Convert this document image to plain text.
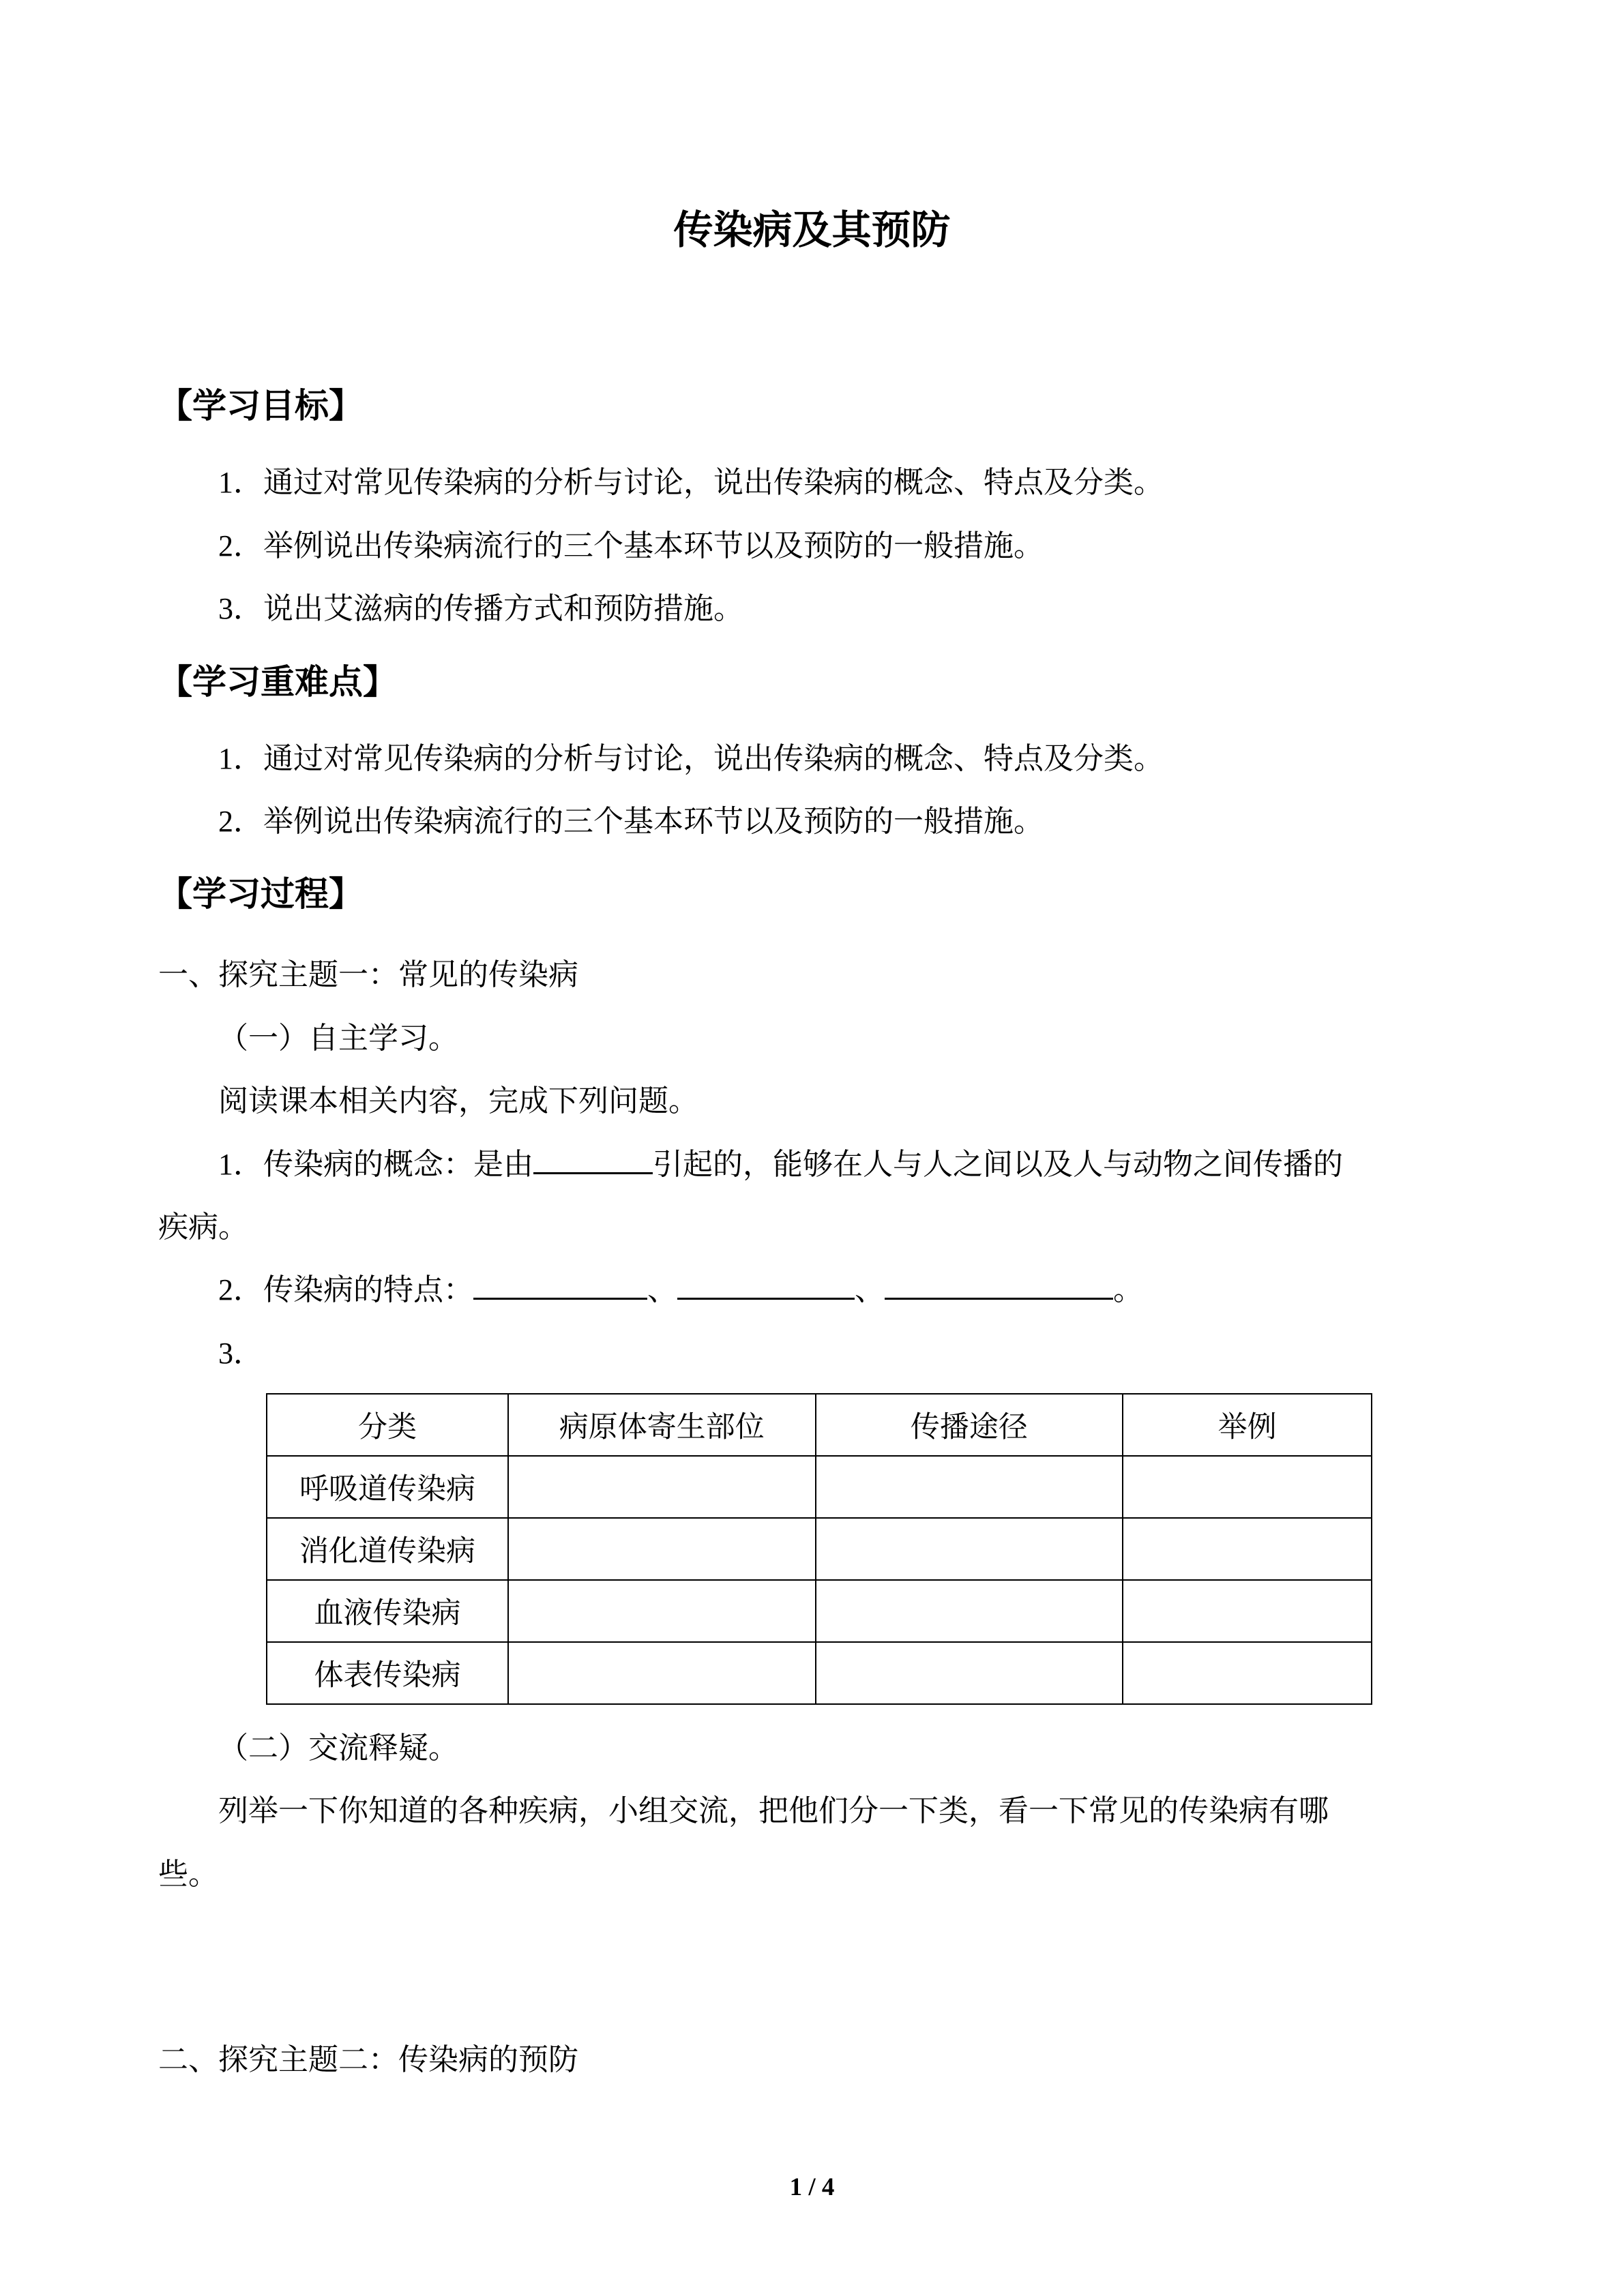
传染病及其预防
【学习目标】

1．通过对常见传染病的分析与讨论，说出传染病的概念、特点及分类。

2．举例说出传染病流行的三个基本环节以及预防的一般措施。

3．说出艾滋病的传播方式和预防措施。

【学习重难点】

1．通过对常见传染病的分析与讨论，说出传染病的概念、特点及分类。

2．举例说出传染病流行的三个基本环节以及预防的一般措施。

【学习过程】

一、探究主题一：常见的传染病

（一）自主学习。

阅读课本相关内容，完成下列问题。

1．传染病的概念：是由	引起的，能够在人与人之间以及人与动物之间传播的疾病。

2．传染病的特点：	、	、	。

3．

分类	病原体寄生部位	传播途径	举例
呼吸道传染病			
消化道传染病			
血液传染病			
体表传染病			

（二）交流释疑。

列举一下你知道的各种疾病，小组交流，把他们分一下类，看一下常见的传染病有哪些。

二、探究主题二：传染病的预防

1 / 4
